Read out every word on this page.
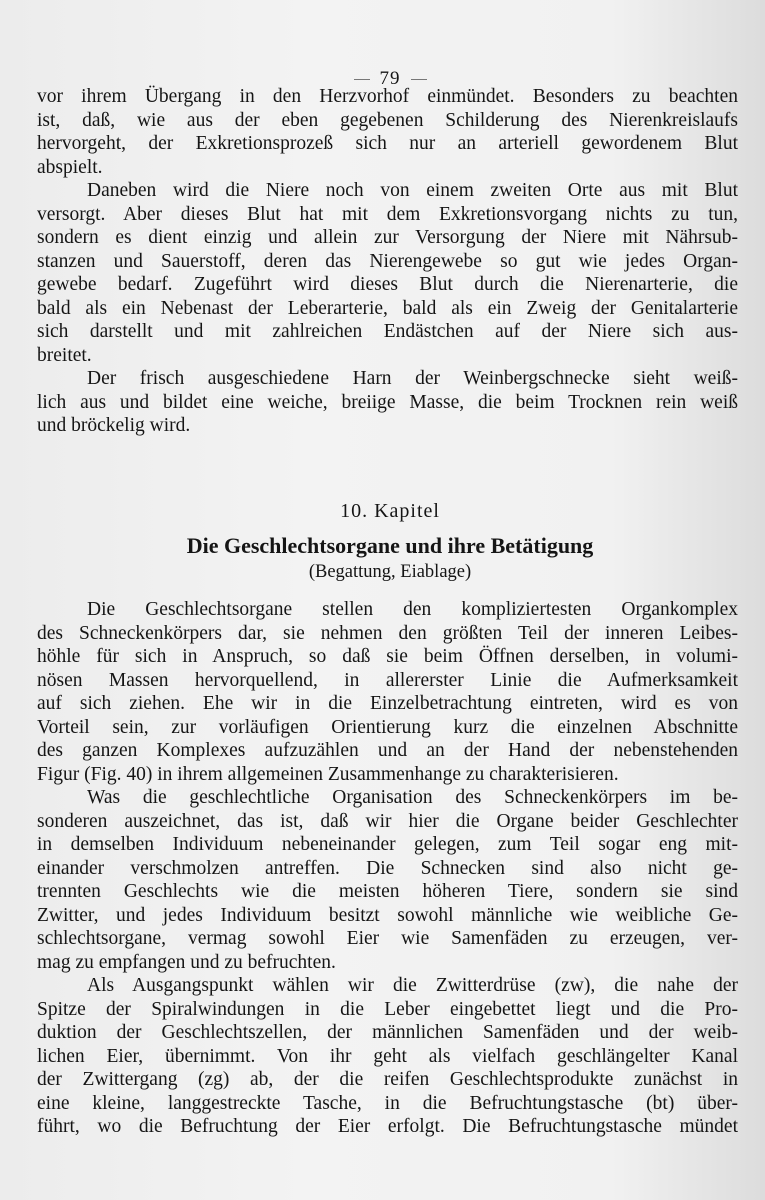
79
vor ihrem Übergang in den Herzvorhof einmündet. Besonders zu beachten
ist, daß, wie aus der eben gegebenen Schilderung des Nierenkreislaufs
hervorgeht, der Exkretionsprozeß sich nur an arteriell gewordenem Blut
abspielt.
Daneben wird die Niere noch von einem zweiten Orte aus mit Blut
versorgt. Aber dieses Blut hat mit dem Exkretionsvorgang nichts zu tun,
sondern es dient einzig und allein zur Versorgung der Niere mit Nährsub-
stanzen und Sauerstoff, deren das Nierengewebe so gut wie jedes Organ-
gewebe bedarf. Zugeführt wird dieses Blut durch die Nierenarterie, die
bald als ein Nebenast der Leberarterie, bald als ein Zweig der Genitalarterie
sich darstellt und mit zahlreichen Endästchen auf der Niere sich aus-
breitet.
Der frisch ausgeschiedene Harn der Weinbergschnecke sieht weiß-
lich aus und bildet eine weiche, breiige Masse, die beim Trocknen rein weiß
und bröckelig wird.
10. Kapitel
Die Geschlechtsorgane und ihre Betätigung
(Begattung, Eiablage)
Die Geschlechtsorgane stellen den kompliziertesten Organkomplex
des Schneckenkörpers dar, sie nehmen den größten Teil der inneren Leibes-
höhle für sich in Anspruch, so daß sie beim Öffnen derselben, in volumi-
nösen Massen hervorquellend, in allererster Linie die Aufmerksamkeit
auf sich ziehen. Ehe wir in die Einzelbetrachtung eintreten, wird es von
Vorteil sein, zur vorläufigen Orientierung kurz die einzelnen Abschnitte
des ganzen Komplexes aufzuzählen und an der Hand der nebenstehenden
Figur (Fig. 40) in ihrem allgemeinen Zusammenhange zu charakterisieren.
Was die geschlechtliche Organisation des Schneckenkörpers im be-
sonderen auszeichnet, das ist, daß wir hier die Organe beider Geschlechter
in demselben Individuum nebeneinander gelegen, zum Teil sogar eng mit-
einander verschmolzen antreffen. Die Schnecken sind also nicht ge-
trennten Geschlechts wie die meisten höheren Tiere, sondern sie sind
Zwitter, und jedes Individuum besitzt sowohl männliche wie weibliche Ge-
schlechtsorgane, vermag sowohl Eier wie Samenfäden zu erzeugen, ver-
mag zu empfangen und zu befruchten.
Als Ausgangspunkt wählen wir die Zwitterdrüse (zw), die nahe der
Spitze der Spiralwindungen in die Leber eingebettet liegt und die Pro-
duktion der Geschlechtszellen, der männlichen Samenfäden und der weib-
lichen Eier, übernimmt. Von ihr geht als vielfach geschlängelter Kanal
der Zwittergang (zg) ab, der die reifen Geschlechtsprodukte zunächst in
eine kleine, langgestreckte Tasche, in die Befruchtungstasche (bt) über-
führt, wo die Befruchtung der Eier erfolgt. Die Befruchtungstasche mündet
